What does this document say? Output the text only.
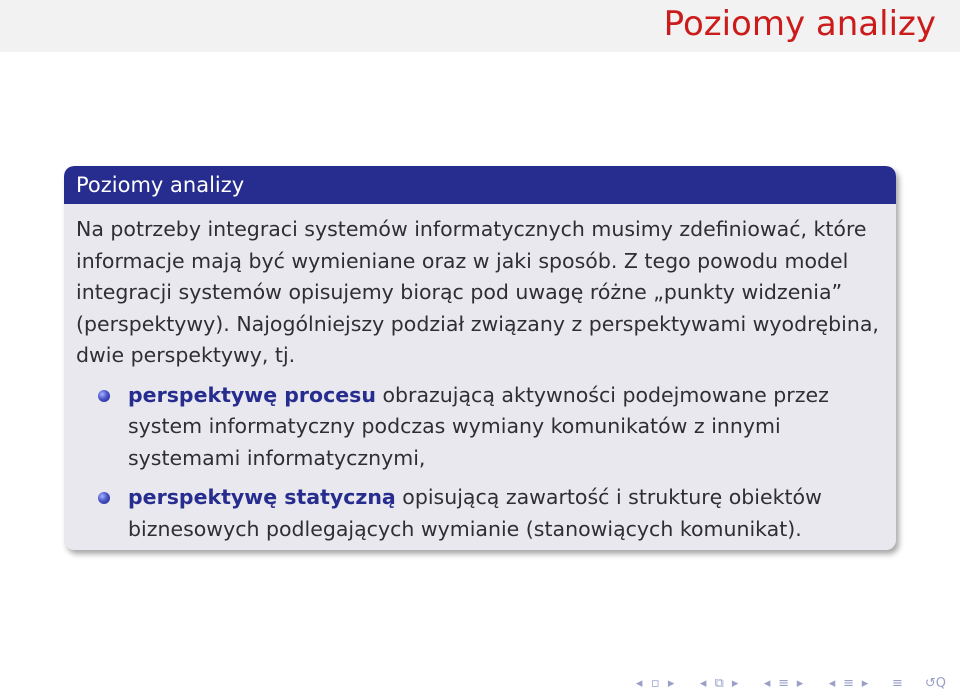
Poziomy analizy
Poziomy analizy

Na potrzeby integraci systemów informatycznych musimy zdefiniować, które informacje mają być wymieniane oraz w jaki sposób. Z tego powodu model integracji systemów opisujemy biorąc pod uwagę różne „punkty widzenia” (perspektywy). Najogólniejszy podział związany z perspektywami wyodrębina, dwie perspektywy, tj.

perspektywę procesu obrazującą aktywności podejmowane przez system informatyczny podczas wymiany komunikatów z innymi systemami informatycznymi,
perspektywę statyczną opisującą zawartość i strukturę obiektów biznesowych podlegających wymianie (stanowiących komunikat).
◂ ▫ ▸ ◂ ⧉ ▸ ◂ ≡ ▸ ◂ ≡ ▸ ≡ ↺Q
